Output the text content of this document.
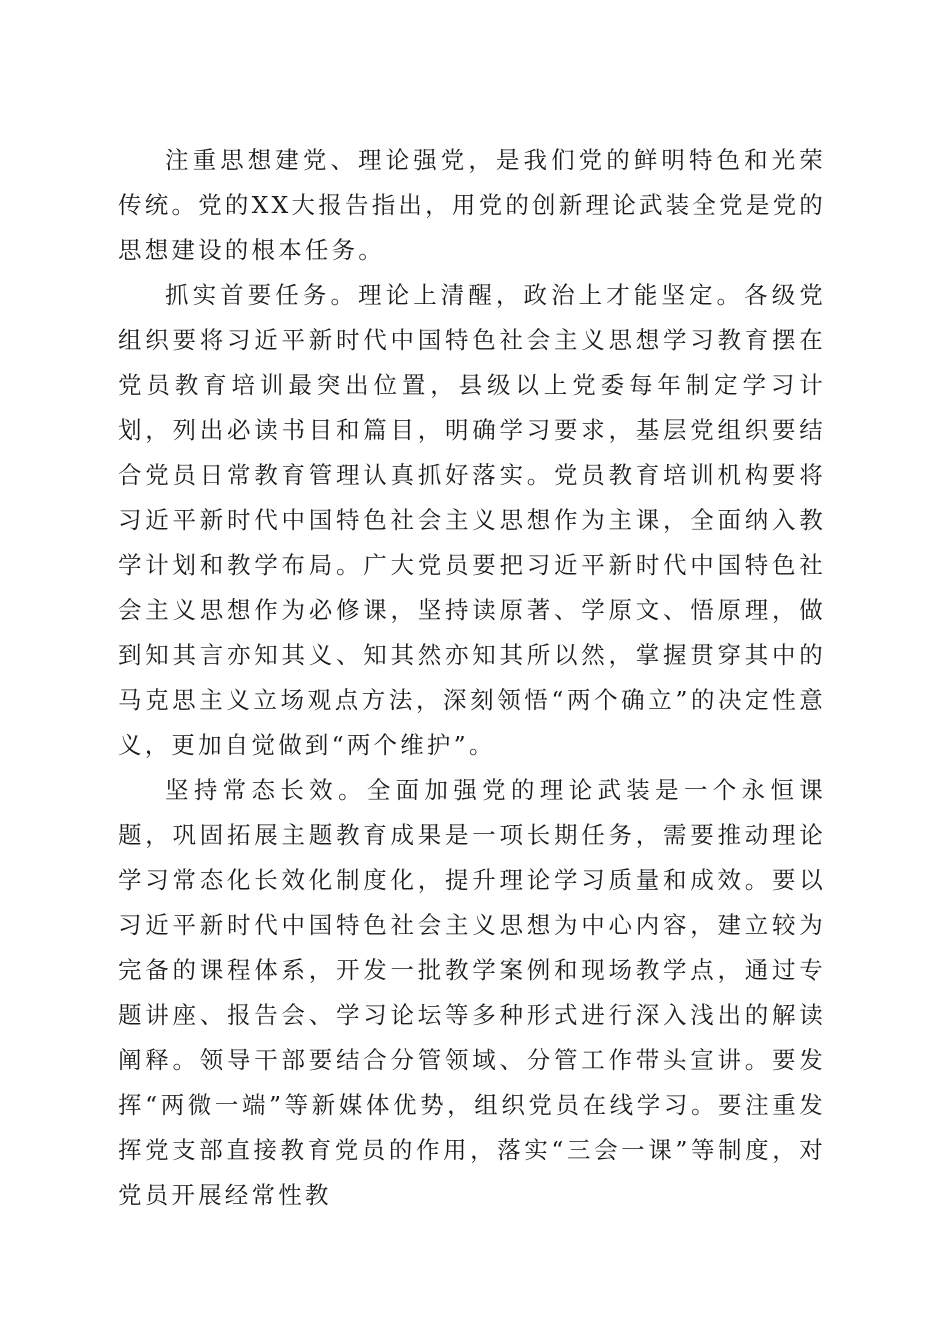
注重思想建党、理论强党，是我们党的鲜明特色和光荣传统。党的XX大报告指出，用党的创新理论武装全党是党的思想建设的根本任务。

抓实首要任务。理论上清醒，政治上才能坚定。各级党组织要将习近平新时代中国特色社会主义思想学习教育摆在党员教育培训最突出位置，县级以上党委每年制定学习计划，列出必读书目和篇目，明确学习要求，基层党组织要结合党员日常教育管理认真抓好落实。党员教育培训机构要将习近平新时代中国特色社会主义思想作为主课，全面纳入教学计划和教学布局。广大党员要把习近平新时代中国特色社会主义思想作为必修课，坚持读原著、学原文、悟原理，做到知其言亦知其义、知其然亦知其所以然，掌握贯穿其中的马克思主义立场观点方法，深刻领悟“两个确立”的决定性意义，更加自觉做到“两个维护”。

坚持常态长效。全面加强党的理论武装是一个永恒课题，巩固拓展主题教育成果是一项长期任务，需要推动理论学习常态化长效化制度化，提升理论学习质量和成效。要以习近平新时代中国特色社会主义思想为中心内容，建立较为完备的课程体系，开发一批教学案例和现场教学点，通过专题讲座、报告会、学习论坛等多种形式进行深入浅出的解读阐释。领导干部要结合分管领域、分管工作带头宣讲。要发挥“两微一端”等新媒体优势，组织党员在线学习。要注重发挥党支部直接教育党员的作用，落实“三会一课”等制度，对党员开展经常性教
